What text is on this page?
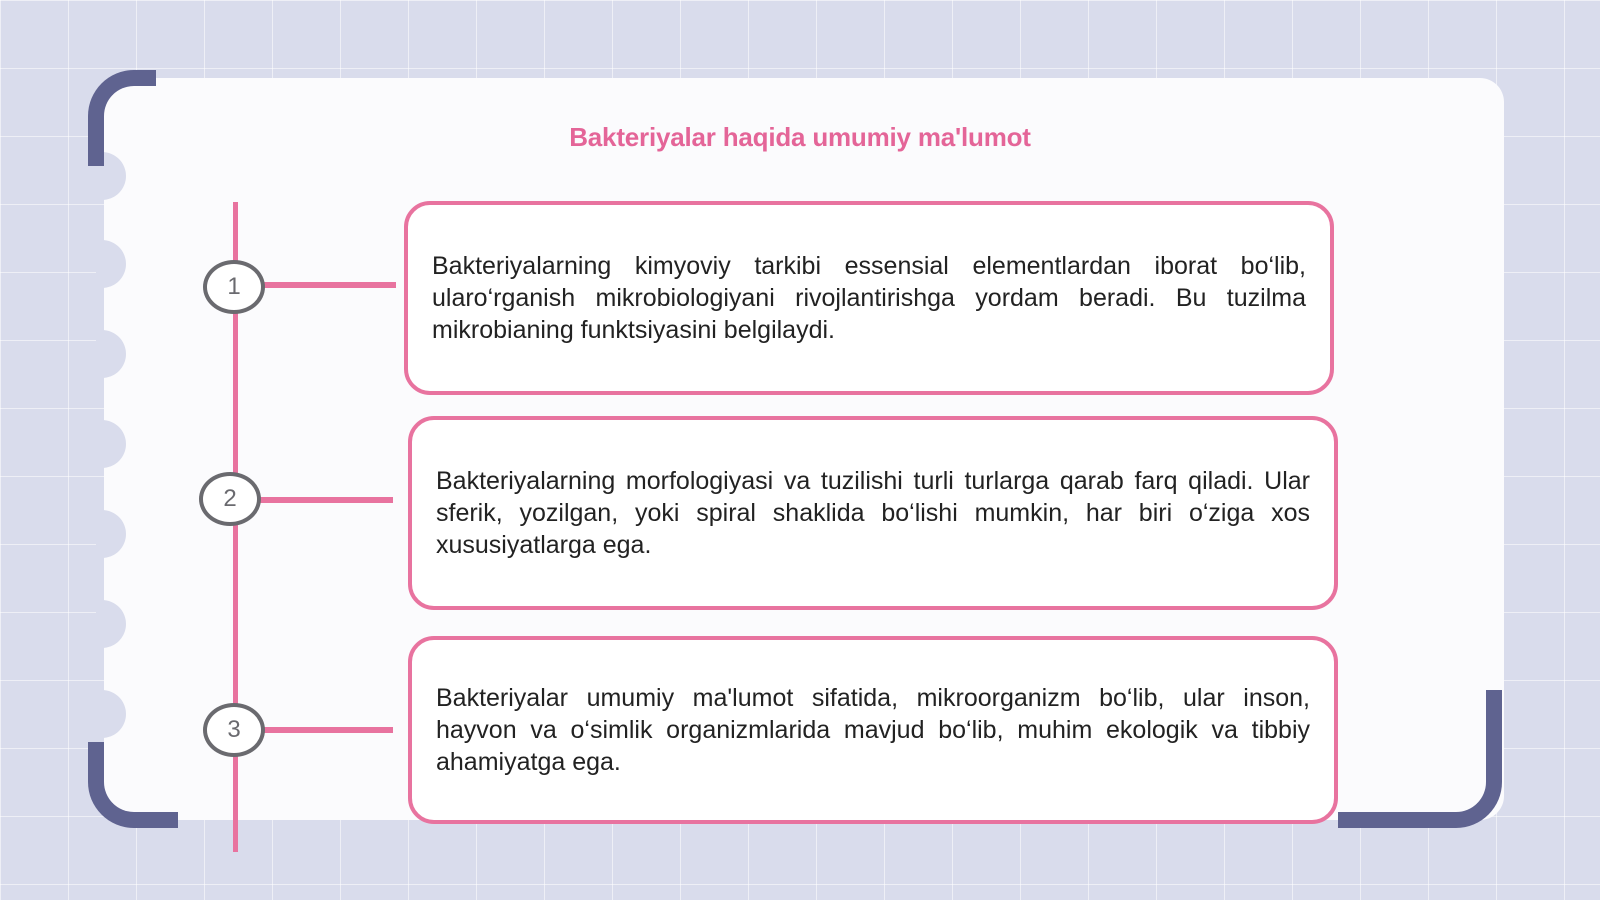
Bakteriyalar haqida umumiy ma'lumot
1
2
3

Bakteriyalarning kimyoviy tarkibi essensial elementlardan iborat bo‘lib, ularo‘rganish mikrobiologiyani rivojlantirishga yordam beradi. Bu tuzilma mikrobianing funktsiyasini belgilaydi.

Bakteriyalarning morfologiyasi va tuzilishi turli turlarga qarab farq qiladi. Ular sferik, yozilgan, yoki spiral shaklida bo‘lishi mumkin, har biri o‘ziga xos xususiyatlarga ega.

Bakteriyalar umumiy ma'lumot sifatida, mikroorganizm bo‘lib, ular inson, hayvon va o‘simlik organizmlarida mavjud bo‘lib, muhim ekologik va tibbiy ahamiyatga ega.
